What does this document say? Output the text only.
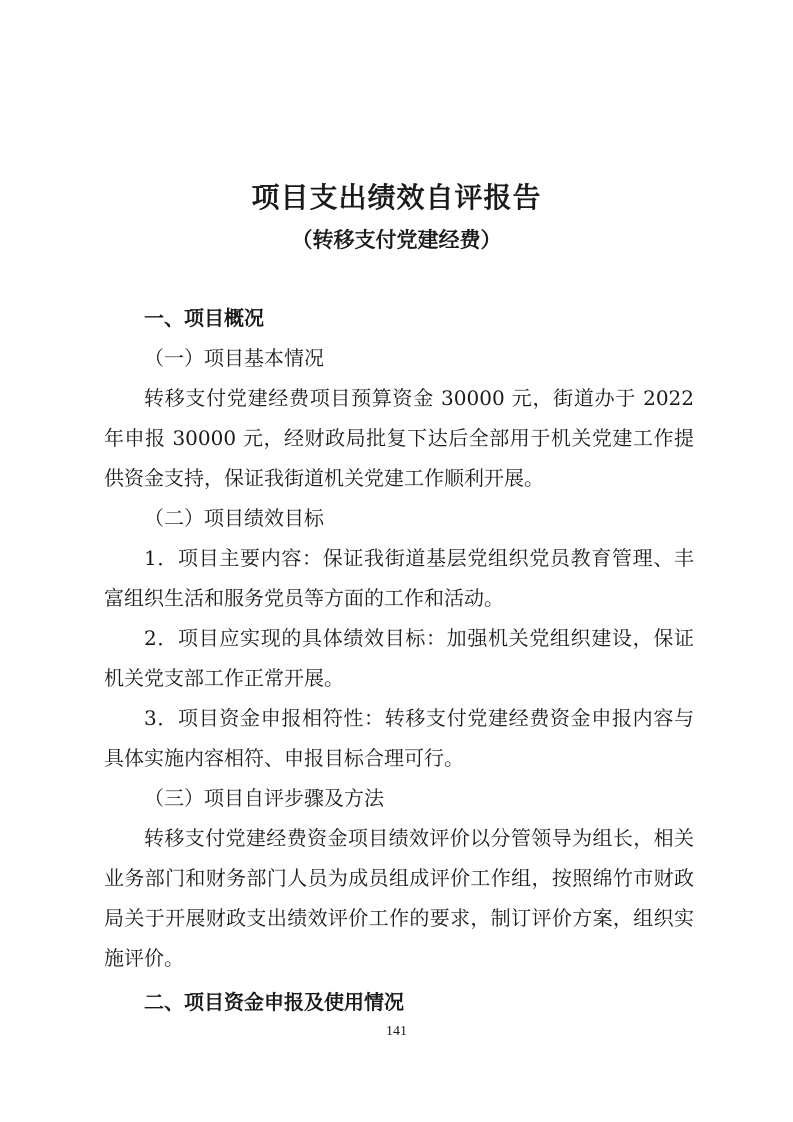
项目支出绩效自评报告
（转移支付党建经费）

一、项目概况

（一）项目基本情况

转移支付党建经费项目预算资金 30000 元，街道办于 2022 年申报 30000 元，经财政局批复下达后全部用于机关党建工作提供资金支持，保证我街道机关党建工作顺利开展。

（二）项目绩效目标

1．项目主要内容：保证我街道基层党组织党员教育管理、丰富组织生活和服务党员等方面的工作和活动。

2．项目应实现的具体绩效目标：加强机关党组织建设，保证机关党支部工作正常开展。

3．项目资金申报相符性：转移支付党建经费资金申报内容与具体实施内容相符、申报目标合理可行。

（三）项目自评步骤及方法

转移支付党建经费资金项目绩效评价以分管领导为组长，相关业务部门和财务部门人员为成员组成评价工作组，按照绵竹市财政局关于开展财政支出绩效评价工作的要求，制订评价方案，组织实施评价。

二、项目资金申报及使用情况

141
